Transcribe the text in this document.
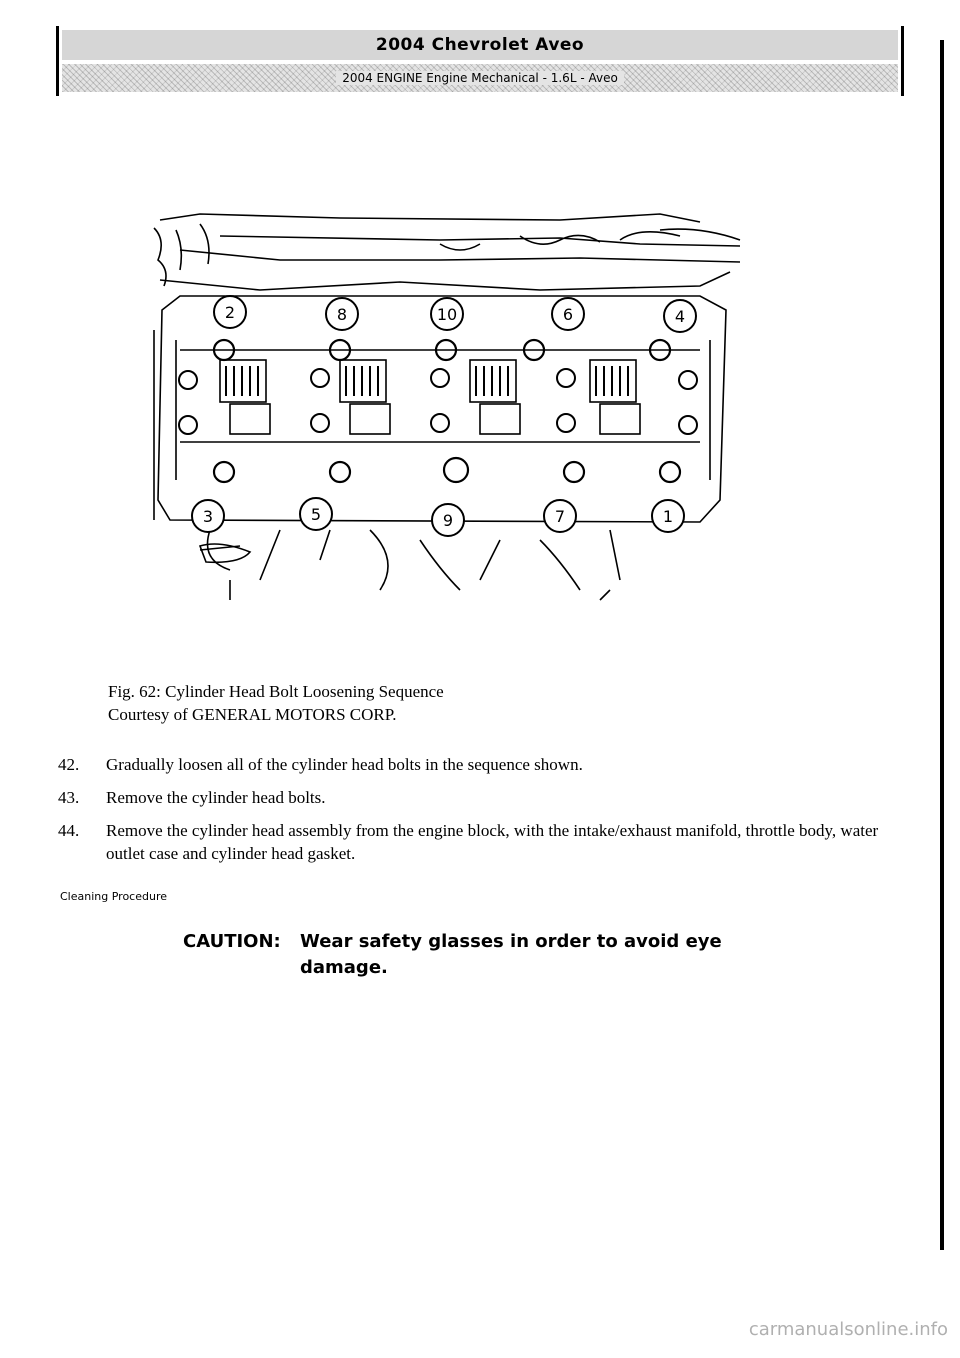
2004 Chevrolet Aveo
2004 ENGINE Engine Mechanical - 1.6L - Aveo
2	8	10	6	4
3	5	9	7	1
Fig. 62: Cylinder Head Bolt Loosening Sequence
Courtesy of GENERAL MOTORS CORP.
42.	Gradually loosen all of the cylinder head bolts in the sequence shown.
43.	Remove the cylinder head bolts.
44.	Remove the cylinder head assembly from the engine block, with the intake/exhaust manifold, throttle body, water outlet case and cylinder head gasket.
Cleaning Procedure
CAUTION: Wear safety glasses in order to avoid eye
damage.
carmanualsonline.info
